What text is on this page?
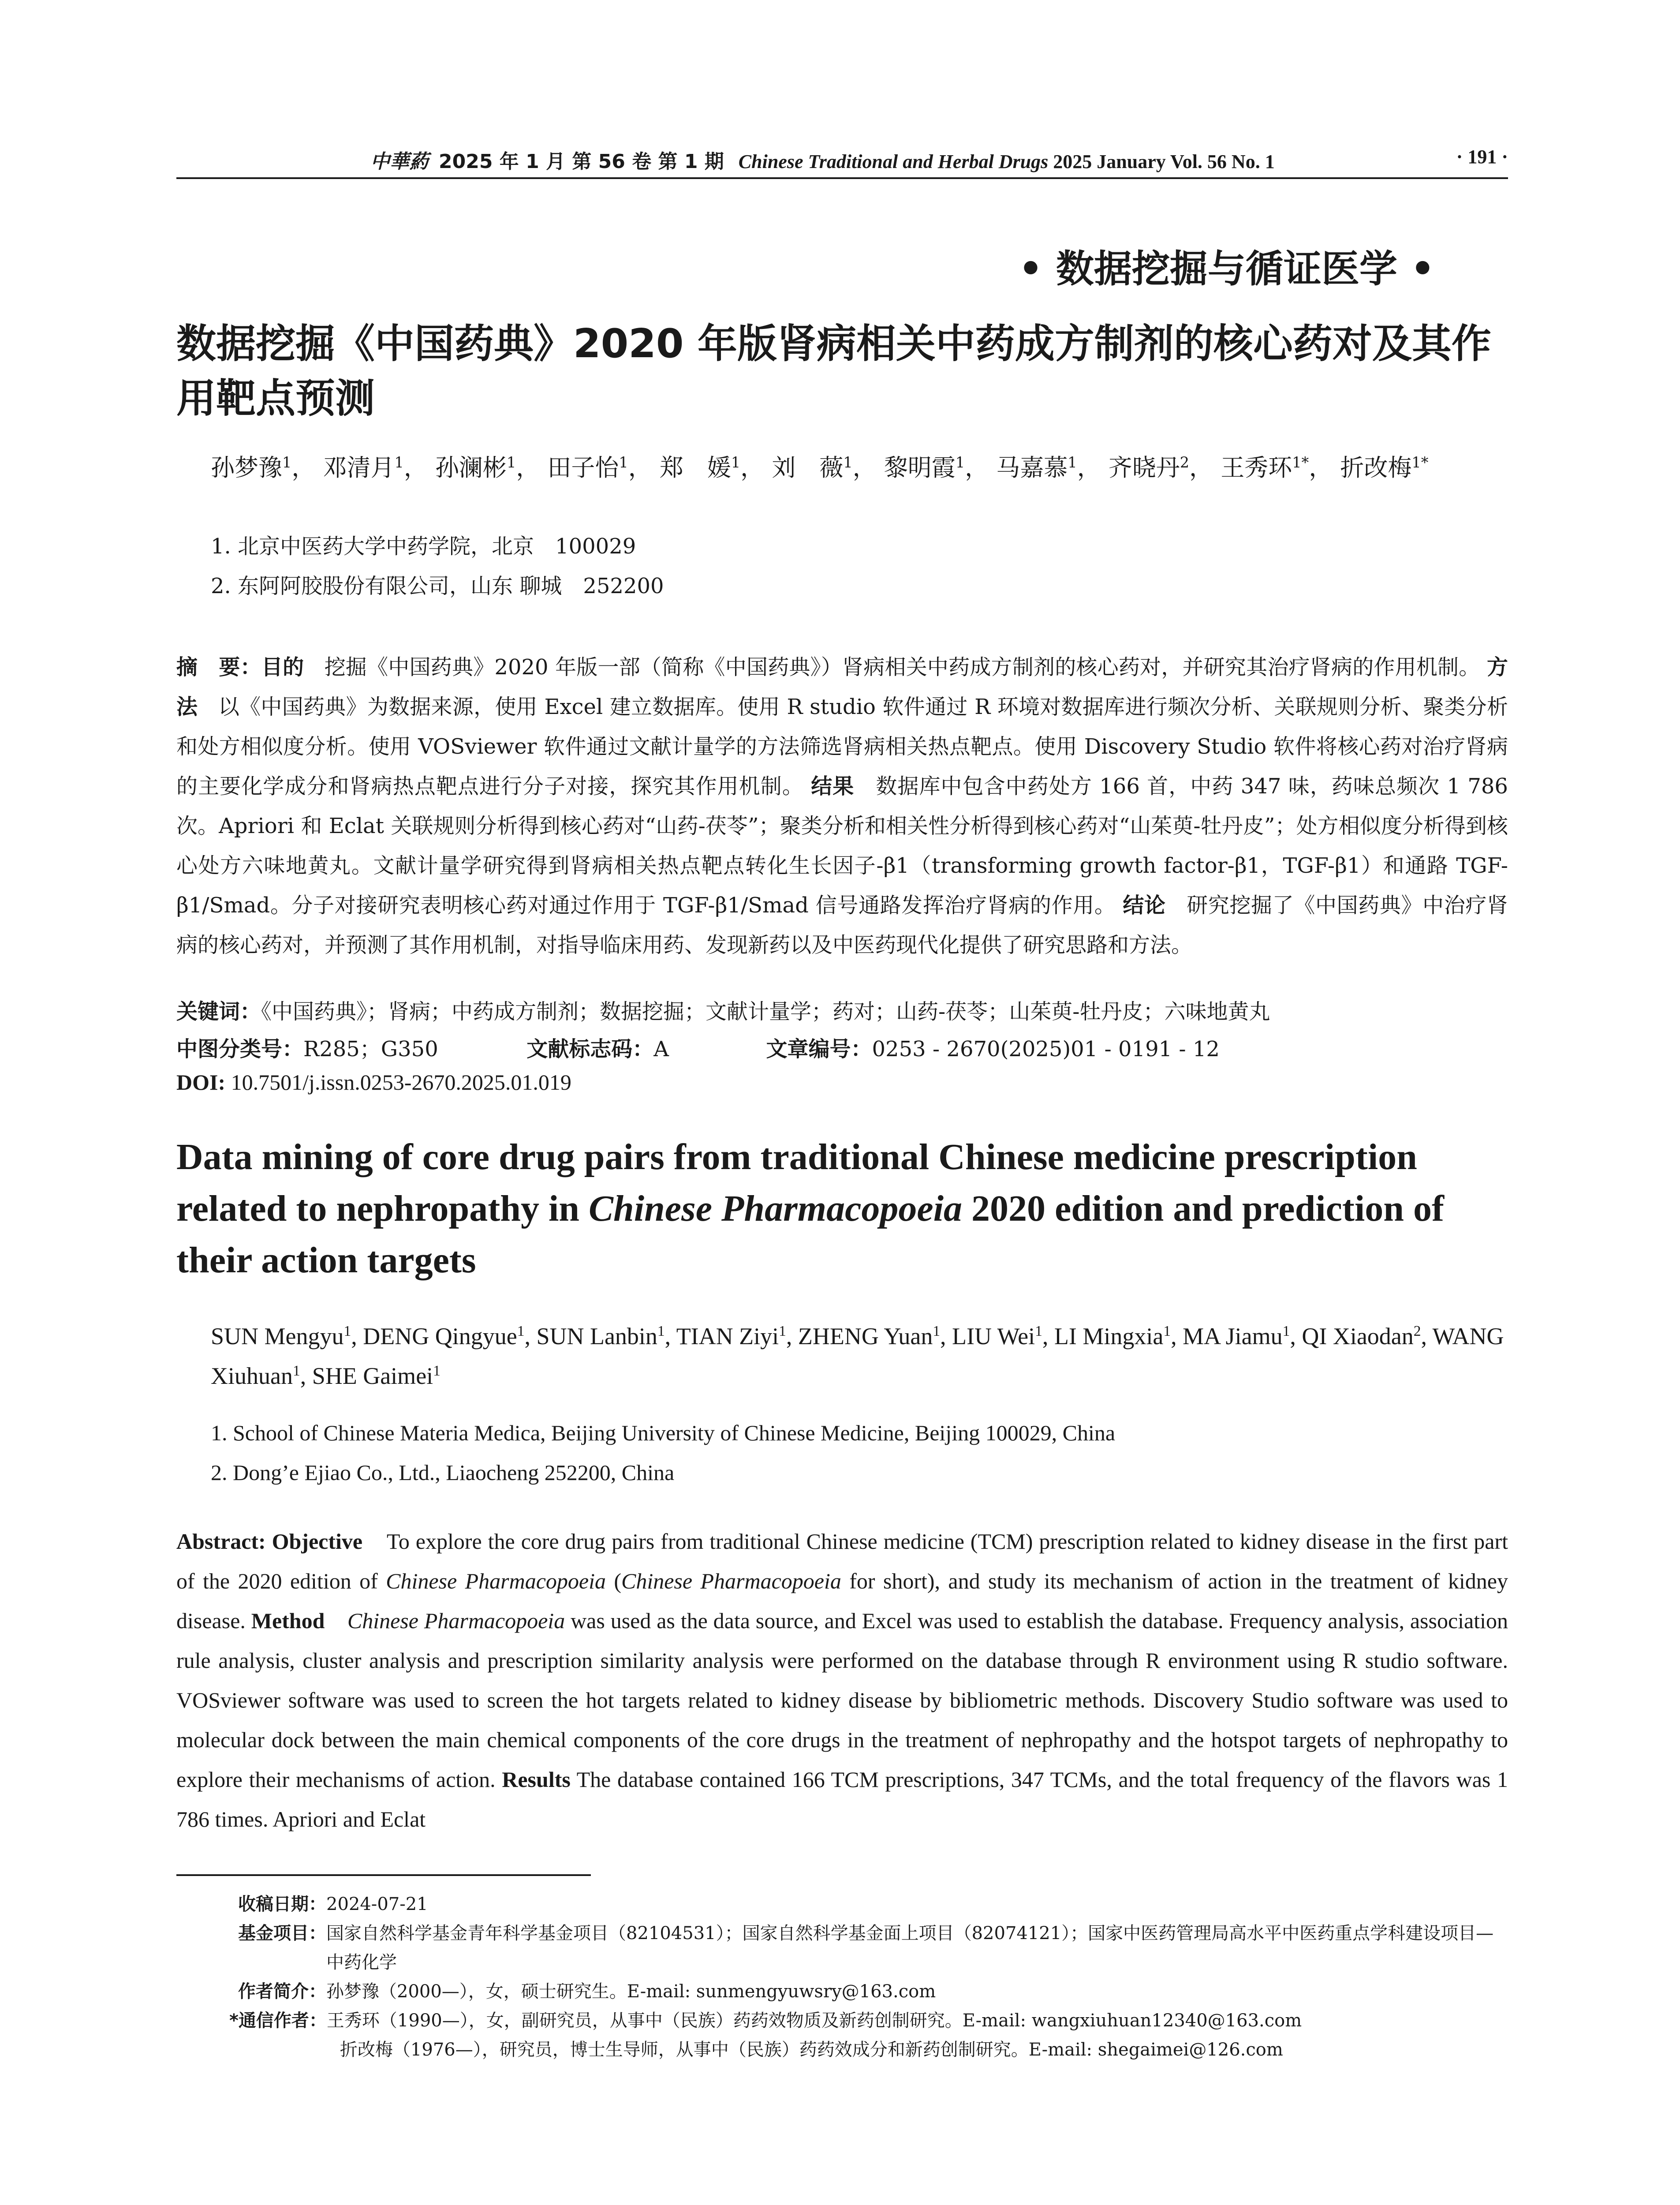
中華葯 2025 年 1 月 第 56 卷 第 1 期 Chinese Traditional and Herbal Drugs 2025 January Vol. 56 No. 1	· 191 ·
• 数据挖掘与循证医学 •
数据挖掘《中国药典》2020 年版肾病相关中药成方制剂的核心药对及其作用靶点预测
孙梦豫$^1$， 邓清月$^1$， 孙澜彬$^1$， 田子怡$^1$， 郑　媛$^1$， 刘　薇$^1$， 黎明霞$^1$， 马嘉慕$^1$， 齐晓丹$^2$， 王秀环$^{1*}$， 折改梅$^{1*}$
1. 北京中医药大学中药学院，北京　100029
2. 东阿阿胶股份有限公司，山东 聊城　252200
摘　要：目的 挖掘《中国药典》2020 年版一部（简称《中国药典》）肾病相关中药成方制剂的核心药对，并研究其治疗肾病的作用机制。 方法 以《中国药典》为数据来源，使用 Excel 建立数据库。使用 R studio 软件通过 R 环境对数据库进行频次分析、关联规则分析、聚类分析和处方相似度分析。使用 VOSviewer 软件通过文献计量学的方法筛选肾病相关热点靶点。使用 Discovery Studio 软件将核心药对治疗肾病的主要化学成分和肾病热点靶点进行分子对接，探究其作用机制。 结果 数据库中包含中药处方 166 首，中药 347 味，药味总频次 1 786 次。Apriori 和 Eclat 关联规则分析得到核心药对“山药-茯苓”；聚类分析和相关性分析得到核心药对“山茱萸-牡丹皮”；处方相似度分析得到核心处方六味地黄丸。文献计量学研究得到肾病相关热点靶点转化生长因子-β1（transforming growth factor-β1，TGF-β1）和通路 TGF-β1/Smad。分子对接研究表明核心药对通过作用于 TGF-β1/Smad 信号通路发挥治疗肾病的作用。 结论 研究挖掘了《中国药典》中治疗肾病的核心药对，并预测了其作用机制，对指导临床用药、发现新药以及中医药现代化提供了研究思路和方法。
关键词：《中国药典》；肾病；中药成方制剂；数据挖掘；文献计量学；药对；山药-茯苓；山茱萸-牡丹皮；六味地黄丸
中图分类号：R285；G350	文献标志码：A	文章编号：0253 - 2670(2025)01 - 0191 - 12
DOI: 10.7501/j.issn.0253-2670.2025.01.019
Data mining of core drug pairs from traditional Chinese medicine prescription related to nephropathy in Chinese Pharmacopoeia 2020 edition and prediction of their action targets
SUN Mengyu$^1$, DENG Qingyue$^1$, SUN Lanbin$^1$, TIAN Ziyi$^1$, ZHENG Yuan$^1$, LIU Wei$^1$, LI Mingxia$^1$, MA Jiamu$^1$, QI Xiaodan$^2$, WANG Xiuhuan$^1$, SHE Gaimei$^1$
1. School of Chinese Materia Medica, Beijing University of Chinese Medicine, Beijing 100029, China
2. Dong’e Ejiao Co., Ltd., Liaocheng 252200, China
Abstract: Objective To explore the core drug pairs from traditional Chinese medicine (TCM) prescription related to kidney disease in the first part of the 2020 edition of Chinese Pharmacopoeia (Chinese Pharmacopoeia for short), and study its mechanism of action in the treatment of kidney disease. Method Chinese Pharmacopoeia was used as the data source, and Excel was used to establish the database. Frequency analysis, association rule analysis, cluster analysis and prescription similarity analysis were performed on the database through R environment using R studio software. VOSviewer software was used to screen the hot targets related to kidney disease by bibliometric methods. Discovery Studio software was used to molecular dock between the main chemical components of the core drugs in the treatment of nephropathy and the hotspot targets of nephropathy to explore their mechanisms of action. Results The database contained 166 TCM prescriptions, 347 TCMs, and the total frequency of the flavors was 1 786 times. Apriori and Eclat
收稿日期：2024-07-21
基金项目： 国家自然科学基金青年科学基金项目（82104531）；国家自然科学基金面上项目（82074121）；国家中医药管理局高水平中医药重点学科建设项目—中药化学
作者简介：孙梦豫（2000—），女，硕士研究生。E-mail: sunmengyuwsry@163.com
*通信作者： 王秀环（1990—），女，副研究员，从事中（民族）药药效物质及新药创制研究。E-mail: wangxiuhuan12340@163.com
折改梅（1976—），研究员，博士生导师，从事中（民族）药药效成分和新药创制研究。E-mail: shegaimei@126.com
